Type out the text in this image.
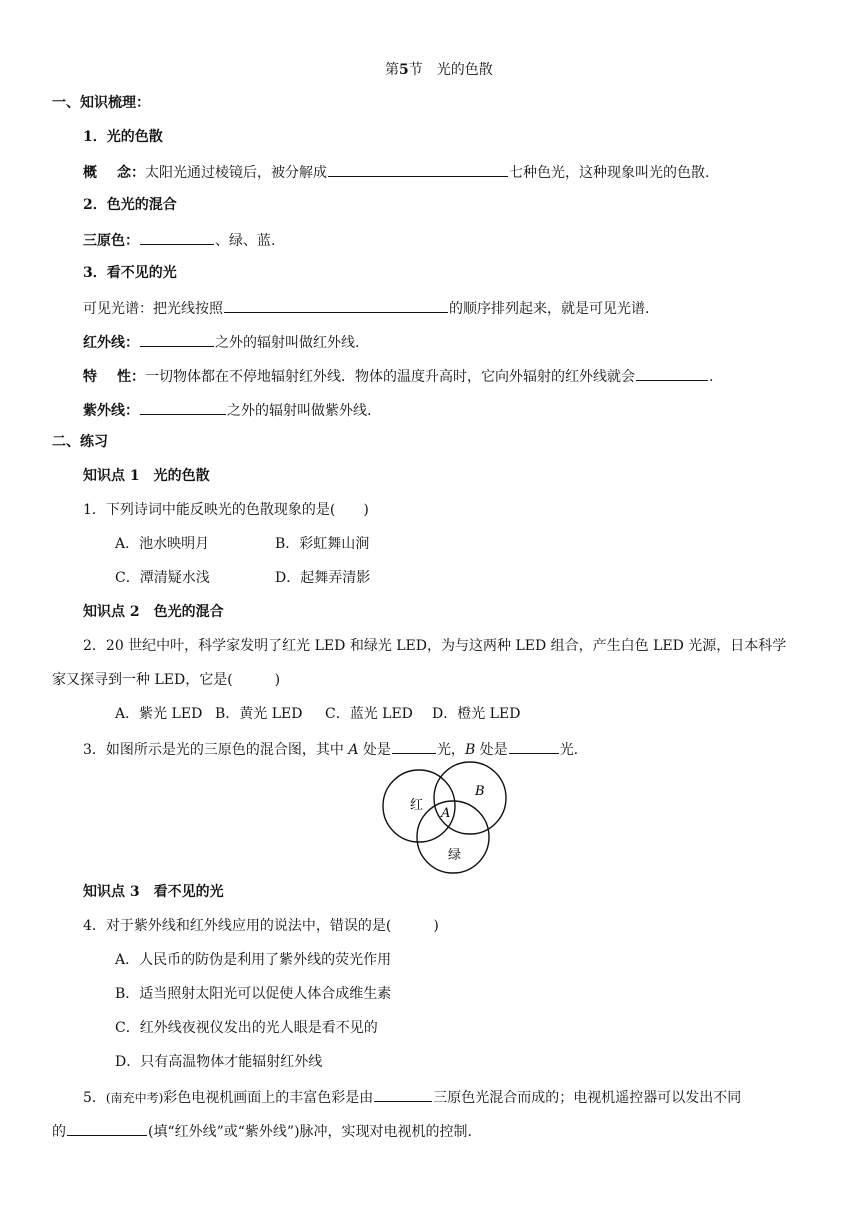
第5节 光的色散
一、知识梳理：
1．光的色散
概 念：太阳光通过棱镜后，被分解成	七种色光，这种现象叫光的色散.
2．色光的混合
三原色：	、绿、蓝.
3．看不见的光
可见光谱：把光线按照	的顺序排列起来，就是可见光谱.
红外线：	之外的辐射叫做红外线.
特 性：一切物体都在不停地辐射红外线．物体的温度升高时，它向外辐射的红外线就会	.
紫外线：	之外的辐射叫做紫外线.
二、练习
知识点 1 光的色散
1．下列诗词中能反映光的色散现象的是(　　)
A．池水映明月	B．彩虹舞山涧
C．潭清疑水浅	D．起舞弄清影
知识点 2 色光的混合
2．20 世纪中叶，科学家发明了红光 LED 和绿光 LED，为与这两种 LED 组合，产生白色 LED 光源，日本科学
家又探寻到一种 LED，它是(　　　)
A．紫光 LED B．黄光 LED C．蓝光 LED D．橙光 LED
3．如图所示是光的三原色的混合图，其中 A 处是	光，B 处是	光.
红
B
A
绿
知识点 3 看不见的光
4．对于紫外线和红外线应用的说法中，错误的是(　　　)
A．人民币的防伪是利用了紫外线的荧光作用
B．适当照射太阳光可以促使人体合成维生素
C．红外线夜视仪发出的光人眼是看不见的
D．只有高温物体才能辐射红外线
5．(南充中考)彩色电视机画面上的丰富色彩是由	三原色光混合而成的；电视机遥控器可以发出不同
的	(填“红外线”或“紫外线”)脉冲，实现对电视机的控制.
